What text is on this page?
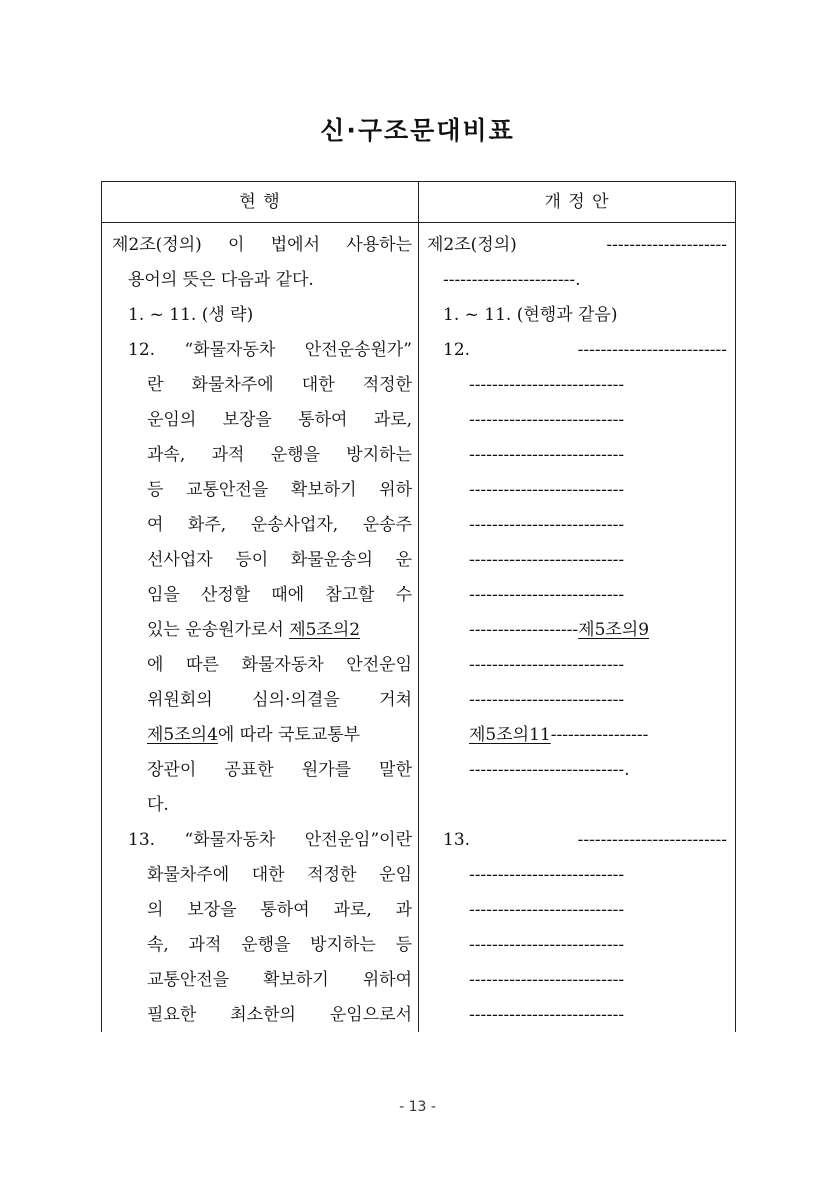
신·구조문대비표
현 행	개 정 안
제2조(정의) 이 법에서 사용하는
용어의 뜻은 다음과 같다.
1. ~ 11. (생 략)
12. “화물자동차 안전운송원가”
란 화물차주에 대한 적정한
운임의 보장을 통하여 과로,
과속, 과적 운행을 방지하는
등 교통안전을 확보하기 위하
여 화주, 운송사업자, 운송주
선사업자 등이 화물운송의 운
임을 산정할 때에 참고할 수
있는 운송원가로서 제5조의2
에 따른 화물자동차 안전운임
위원회의 심의·의결을 거쳐
제5조의4에 따라 국토교통부
장관이 공표한 원가를 말한
다.
13. “화물자동차 안전운임”이란
화물차주에 대한 적정한 운임
의 보장을 통하여 과로, 과
속, 과적 운행을 방지하는 등
교통안전을 확보하기 위하여
필요한 최소한의 운임으로서
제2조(정의) ---------------------
-----------------------.
1. ~ 11. (현행과 같음)
12. --------------------------
---------------------------
---------------------------
---------------------------
---------------------------
---------------------------
---------------------------
---------------------------
-------------------제5조의9
---------------------------
---------------------------
제5조의11-----------------
---------------------------.
13. --------------------------
---------------------------
---------------------------
---------------------------
---------------------------
---------------------------
- 13 -
